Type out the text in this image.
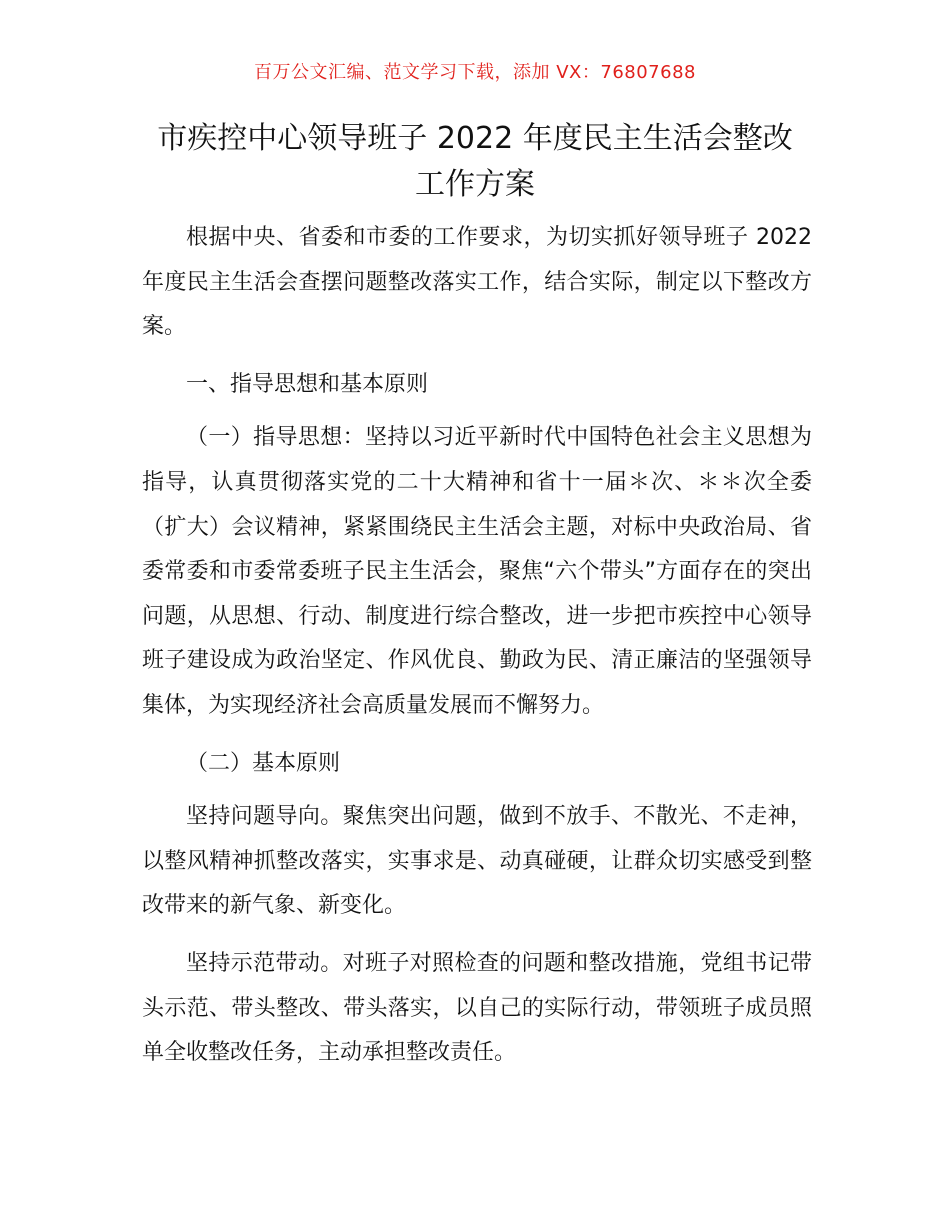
百万公文汇编、范文学习下载，添加 VX：76807688
市疾控中心领导班子 2022 年度民主生活会整改
工作方案

根据中央、省委和市委的工作要求，为切实抓好领导班子 2022 年度民主生活会查摆问题整改落实工作，结合实际，制定以下整改方案。

一、指导思想和基本原则

（一）指导思想：坚持以习近平新时代中国特色社会主义思想为指导，认真贯彻落实党的二十大精神和省十一届＊次、＊＊次全委（扩大）会议精神，紧紧围绕民主生活会主题，对标中央政治局、省委常委和市委常委班子民主生活会，聚焦“六个带头”方面存在的突出问题，从思想、行动、制度进行综合整改，进一步把市疾控中心领导班子建设成为政治坚定、作风优良、勤政为民、清正廉洁的坚强领导集体，为实现经济社会高质量发展而不懈努力。

（二）基本原则

坚持问题导向。聚焦突出问题，做到不放手、不散光、不走神，以整风精神抓整改落实，实事求是、动真碰硬，让群众切实感受到整改带来的新气象、新变化。

坚持示范带动。对班子对照检查的问题和整改措施，党组书记带头示范、带头整改、带头落实，以自己的实际行动，带领班子成员照单全收整改任务，主动承担整改责任。
